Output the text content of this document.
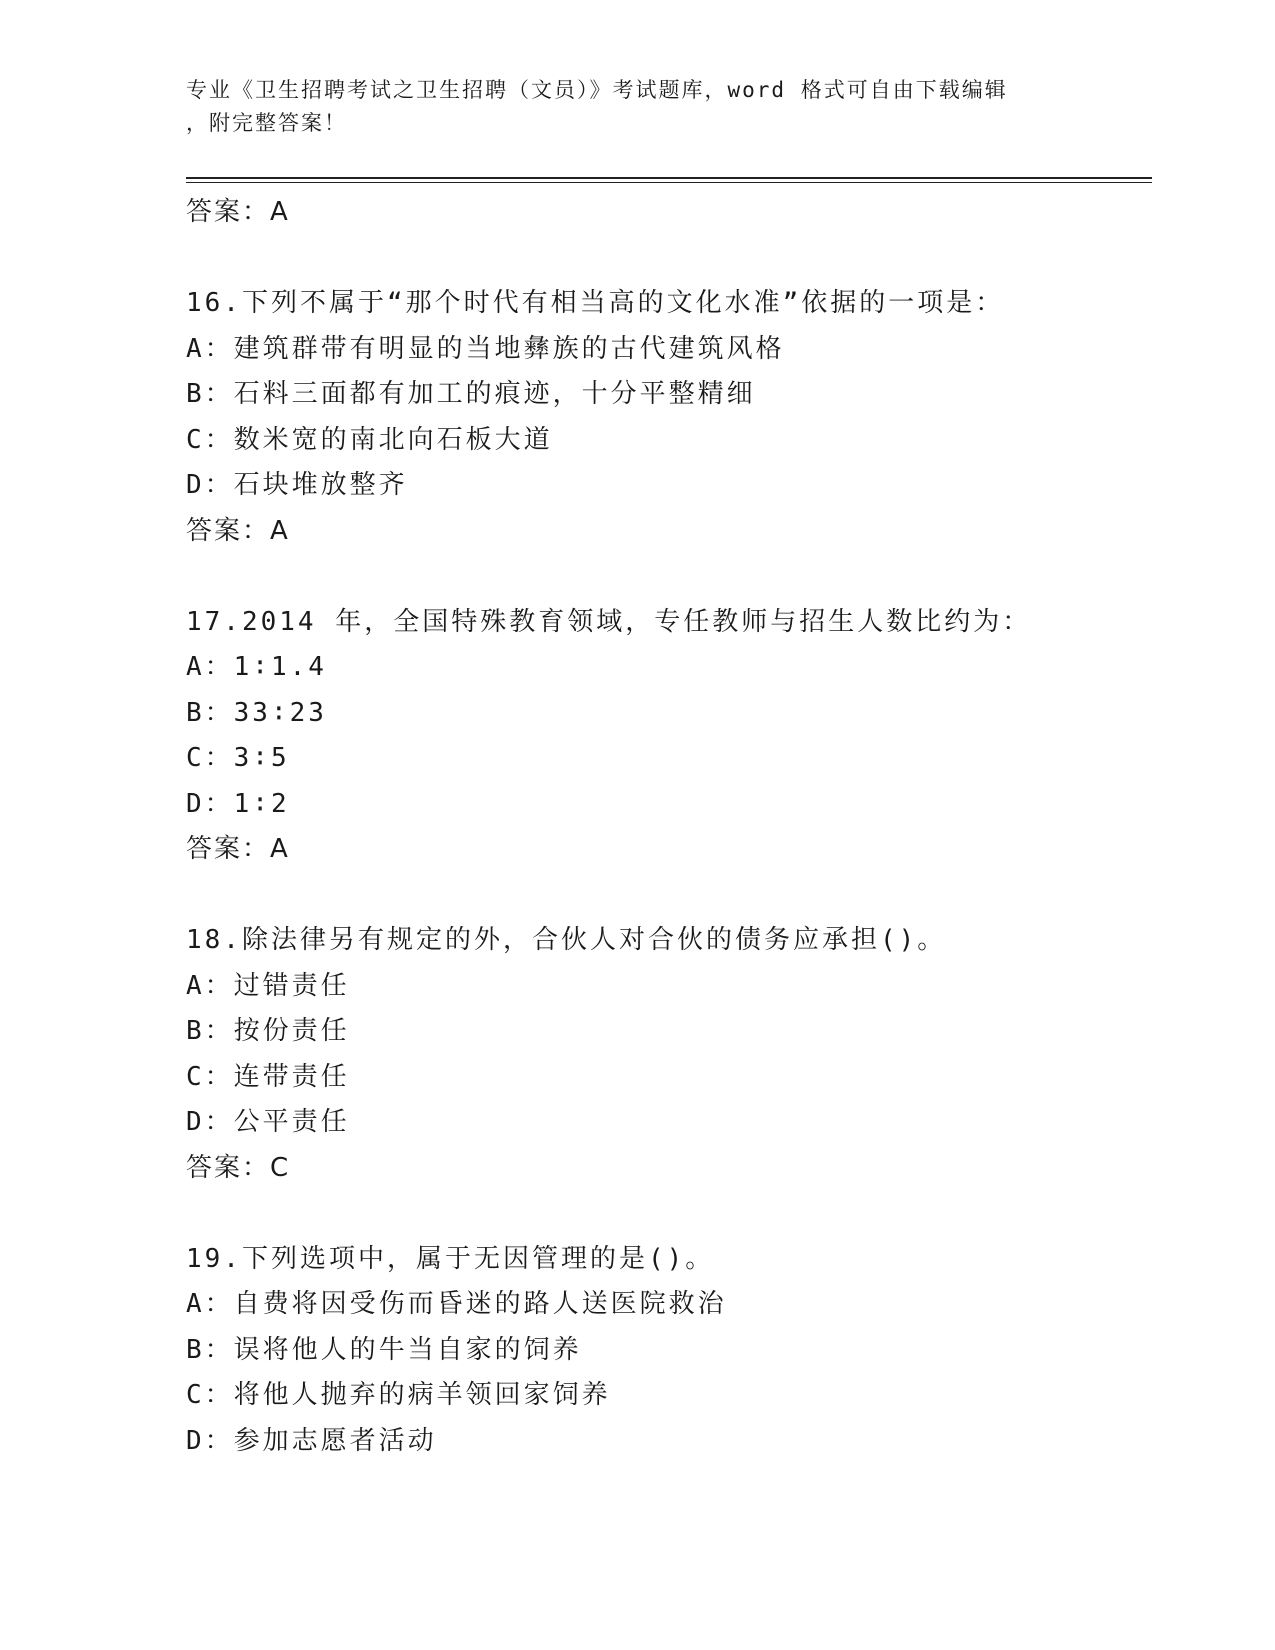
专业《卫生招聘考试之卫生招聘（文员）》考试题库，word 格式可自由下载编辑
，附完整答案！
答案：A
16.下列不属于“那个时代有相当高的文化水准”依据的一项是：
A：建筑群带有明显的当地彝族的古代建筑风格
B：石料三面都有加工的痕迹，十分平整精细
C：数米宽的南北向石板大道
D：石块堆放整齐
答案：A
17.2014 年，全国特殊教育领域，专任教师与招生人数比约为：
A：1∶1.4
B：33∶23
C：3∶5
D：1∶2
答案：A
18.除法律另有规定的外，合伙人对合伙的债务应承担()。
A：过错责任
B：按份责任
C：连带责任
D：公平责任
答案：C
19.下列选项中，属于无因管理的是()。
A：自费将因受伤而昏迷的路人送医院救治
B：误将他人的牛当自家的饲养
C：将他人抛弃的病羊领回家饲养
D：参加志愿者活动
